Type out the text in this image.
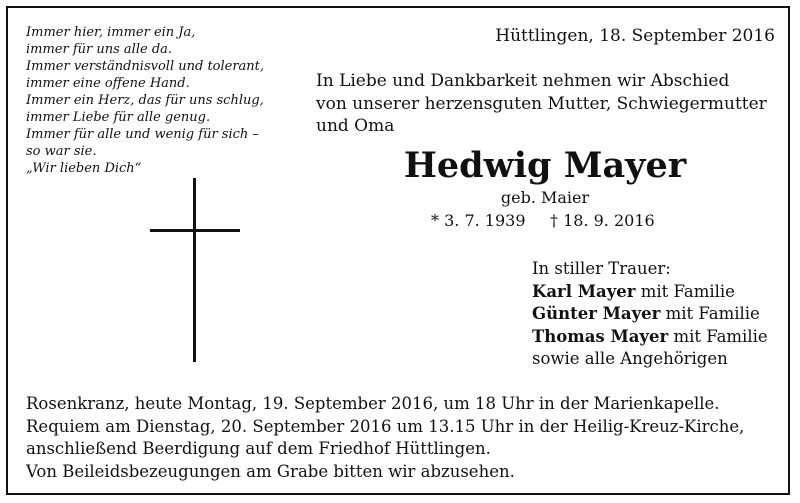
Immer hier, immer ein Ja,
immer für uns alle da.
Immer verständnisvoll und tolerant,
immer eine offene Hand.
Immer ein Herz, das für uns schlug,
immer Liebe für alle genug.
Immer für alle und wenig für sich –
so war sie.
„Wir lieben Dich“
Hüttlingen, 18. September 2016
In Liebe und Dankbarkeit nehmen wir Abschied
von unserer herzensguten Mutter, Schwiegermutter
und Oma
Hedwig Mayer
geb. Maier
* 3. 7. 1939 † 18. 9. 2016
In stiller Trauer:
Karl Mayer mit Familie
Günter Mayer mit Familie
Thomas Mayer mit Familie
sowie alle Angehörigen
Rosenkranz, heute Montag, 19. September 2016, um 18 Uhr in der Marienkapelle.
Requiem am Dienstag, 20. September 2016 um 13.15 Uhr in der Heilig-Kreuz-Kirche,
anschließend Beerdigung auf dem Friedhof Hüttlingen.
Von Beileidsbezeugungen am Grabe bitten wir abzusehen.
